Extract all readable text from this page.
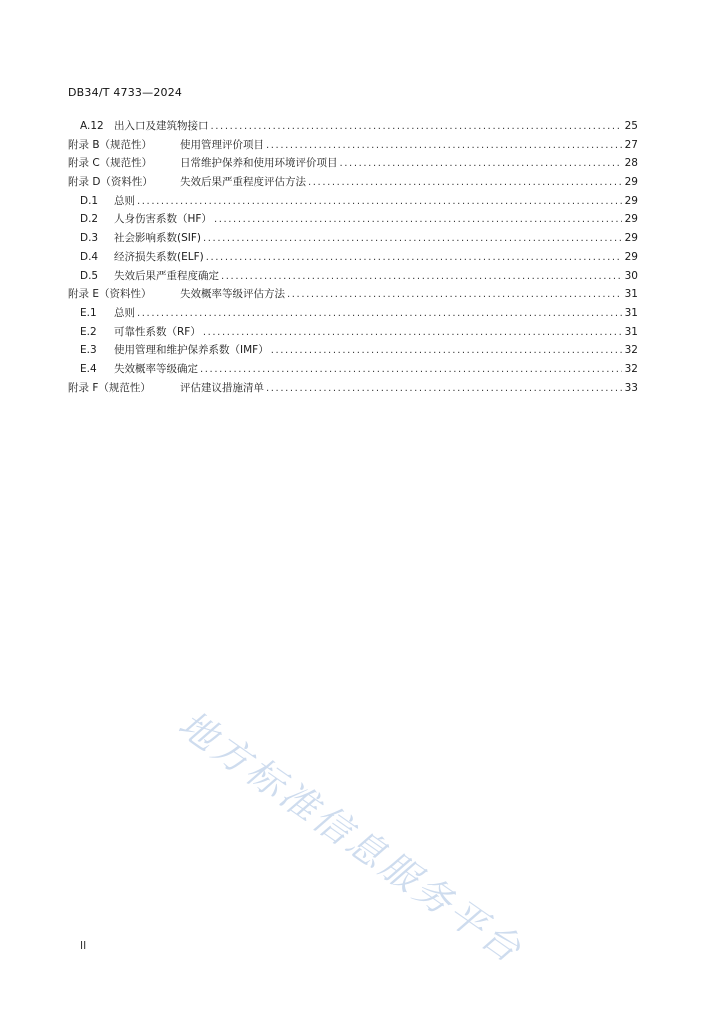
DB34/T 4733—2024
A.12 出入口及建筑物接口 .....	25
附录 B（规范性）	使用管理评价项目 .....	27
附录 C（规范性）	日常维护保养和使用环境评价项目 .....	28
附录 D（资料性）	失效后果严重程度评估方法 .....	29
D.1	总则 .....	29
D.2	人身伤害系数（HF） .....	29
D.3	社会影响系数(SIF) .....	29
D.4	经济损失系数(ELF) .....	29
D.5	失效后果严重程度确定 .....	30
附录 E（资料性）	失效概率等级评估方法 .....	31
E.1	总则 .....	31
E.2	可靠性系数（RF） .....	31
E.3	使用管理和维护保养系数（IMF） .....	32
E.4	失效概率等级确定 .....	32
附录 F（规范性）	评估建议措施清单 .....	33
地方标准信息服务平台
II
